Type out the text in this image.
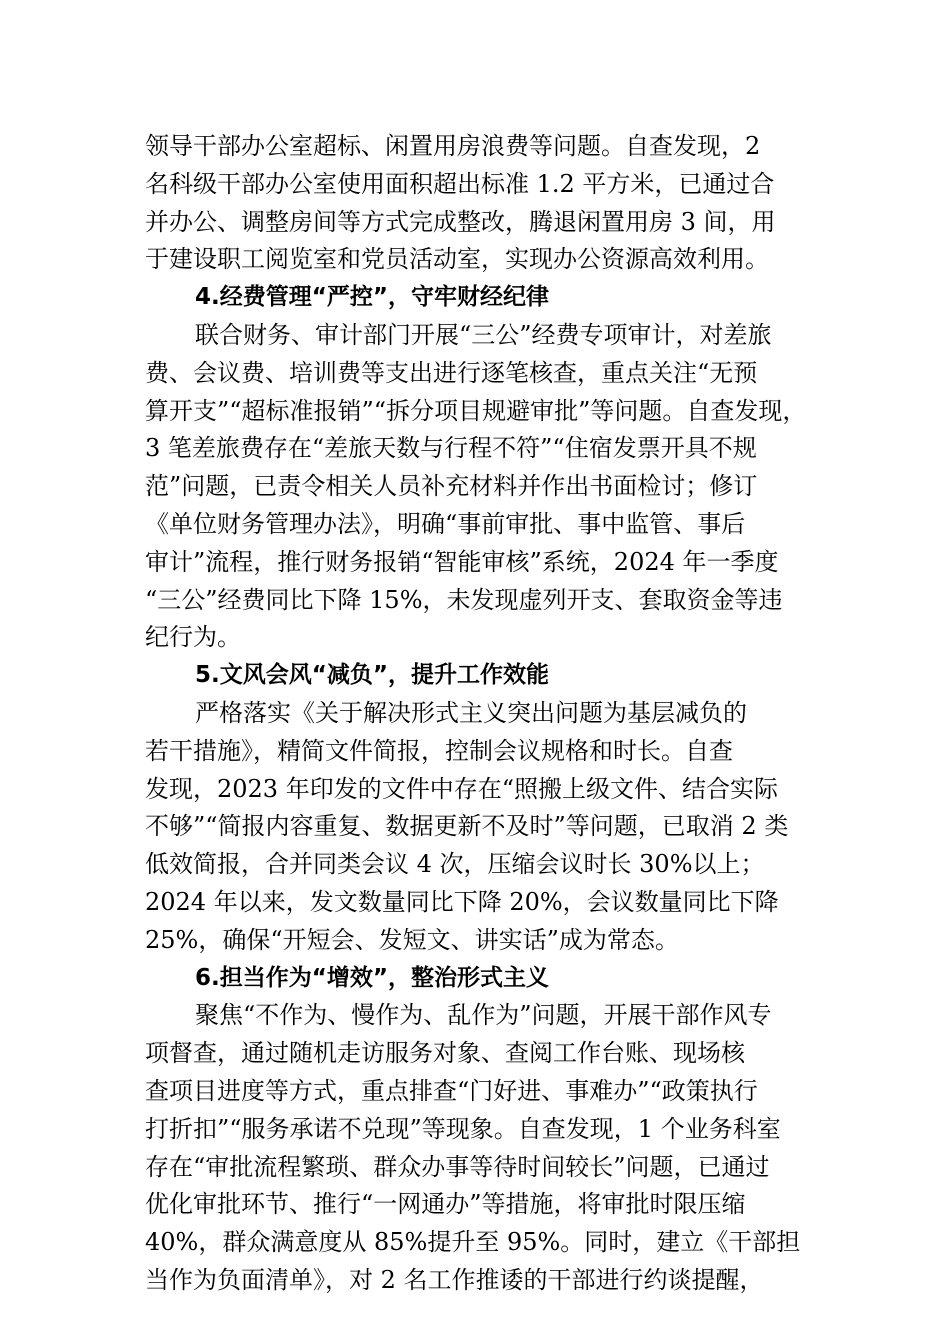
领导干部办公室超标、闲置用房浪费等问题。自查发现，2
名科级干部办公室使用面积超出标准 1.2 平方米，已通过合
并办公、调整房间等方式完成整改，腾退闲置用房 3 间，用
于建设职工阅览室和党员活动室，实现办公资源高效利用。
4.经费管理“严控”，守牢财经纪律
联合财务、审计部门开展“三公”经费专项审计，对差旅
费、会议费、培训费等支出进行逐笔核查，重点关注“无预
算开支”“超标准报销”“拆分项目规避审批”等问题。自查发现，
3 笔差旅费存在“差旅天数与行程不符”“住宿发票开具不规
范”问题，已责令相关人员补充材料并作出书面检讨；修订
《单位财务管理办法》，明确“事前审批、事中监管、事后
审计”流程，推行财务报销“智能审核”系统，2024 年一季度
“三公”经费同比下降 15%，未发现虚列开支、套取资金等违
纪行为。
5.文风会风“减负”，提升工作效能
严格落实《关于解决形式主义突出问题为基层减负的
若干措施》，精简文件简报，控制会议规格和时长。自查
发现，2023 年印发的文件中存在“照搬上级文件、结合实际
不够”“简报内容重复、数据更新不及时”等问题，已取消 2 类
低效简报，合并同类会议 4 次，压缩会议时长 30%以上；
2024 年以来，发文数量同比下降 20%，会议数量同比下降
25%，确保“开短会、发短文、讲实话”成为常态。
6.担当作为“增效”，整治形式主义
聚焦“不作为、慢作为、乱作为”问题，开展干部作风专
项督查，通过随机走访服务对象、查阅工作台账、现场核
查项目进度等方式，重点排查“门好进、事难办”“政策执行
打折扣”“服务承诺不兑现”等现象。自查发现，1 个业务科室
存在“审批流程繁琐、群众办事等待时间较长”问题，已通过
优化审批环节、推行“一网通办”等措施，将审批时限压缩
40%，群众满意度从 85%提升至 95%。同时，建立《干部担
当作为负面清单》，对 2 名工作推诿的干部进行约谈提醒，
